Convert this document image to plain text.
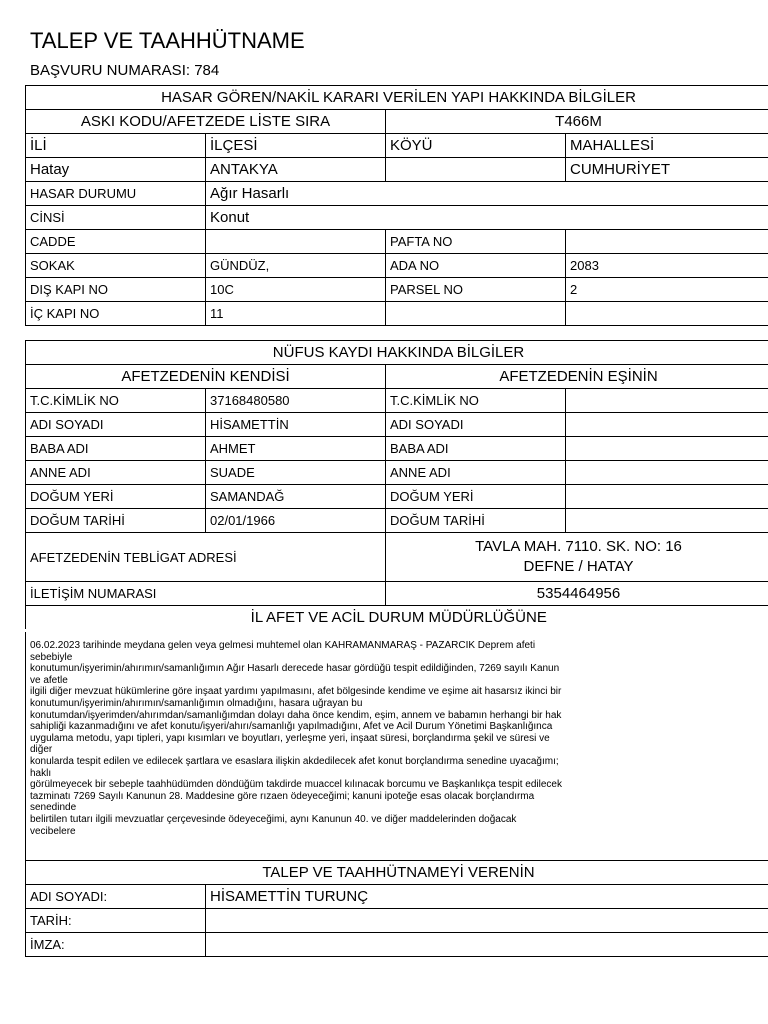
TALEP VE TAAHHÜTNAME
BAŞVURU NUMARASI: 784
HASAR GÖREN/NAKİL KARARI VERİLEN YAPI HAKKINDA BİLGİLER			
ASKI KODU/AFETZEDE LİSTE SIRA		T466M	
İLİ	İLÇESİ	KÖYÜ	MAHALLESİ
Hatay	ANTAKYA		CUMHURİYET
HASAR DURUMU	Ağır Hasarlı		
CİNSİ	Konut		
CADDE		PAFTA NO	
SOKAK	GÜNDÜZ,	ADA NO	2083
DIŞ KAPI NO	10C	PARSEL NO	2
İÇ KAPI NO	11		
NÜFUS KAYDI HAKKINDA BİLGİLER			
AFETZEDENİN KENDİSİ		AFETZEDENİN EŞİNİN	
T.C.KİMLİK NO	37168480580	T.C.KİMLİK NO	
ADI SOYADI	HİSAMETTİN	ADI SOYADI	
BABA ADI	AHMET	BABA ADI	
ANNE ADI	SUADE	ANNE ADI	
DOĞUM YERİ	SAMANDAĞ	DOĞUM YERİ	
DOĞUM TARİHİ	02/01/1966	DOĞUM TARİHİ	
AFETZEDENİN TEBLİGAT ADRESİ		TAVLA MAH. 7110. SK. NO: 16
DEFNE / HATAY	

İLETİŞİM NUMARASI		5354464956	
İL AFET VE ACİL DURUM MÜDÜRLÜĞÜNE			
06.02.2023 tarihinde meydana gelen veya gelmesi muhtemel olan KAHRAMANMARAŞ - PAZARCIK Deprem afeti
sebebiyle
konutumun/işyerimin/ahırımın/samanlığımın Ağır Hasarlı derecede hasar gördüğü tespit edildiğinden, 7269 sayılı Kanun
ve afetle
ilgili diğer mevzuat hükümlerine göre inşaat yardımı yapılmasını, afet bölgesinde kendime ve eşime ait hasarsız ikinci bir
konutumun/işyerimin/ahırımın/samanlığımın olmadığını, hasara uğrayan bu
konutumdan/işyerimden/ahırımdan/samanlığımdan dolayı daha önce kendim, eşim, annem ve babamın herhangi bir hak
sahipliği kazanmadığını ve afet konutu/işyeri/ahırı/samanlığı yapılmadığını, Afet ve Acil Durum Yönetimi Başkanlığınca
uygulama metodu, yapı tipleri, yapı kısımları ve boyutları, yerleşme yeri, inşaat süresi, borçlandırma şekil ve süresi ve
diğer
konularda tespit edilen ve edilecek şartlara ve esaslara ilişkin akdedilecek afet konut borçlandırma senedine uyacağımı;
haklı
görülmeyecek bir sebeple taahhüdümden döndüğüm takdirde muaccel kılınacak borcumu ve Başkanlıkça tespit edilecek
tazminatı 7269 Sayılı Kanunun 28. Maddesine göre rızaen ödeyeceğimi; kanuni ipoteğe esas olacak borçlandırma
senedinde
belirtilen tutarı ilgili mevzuatlar çerçevesinde ödeyeceğimi, aynı Kanunun 40. ve diğer maddelerinden doğacak
vecibelere
TALEP VE TAAHHÜTNAMEYİ VERENİN	
ADI SOYADI:	HİSAMETTİN TURUNÇ
TARİH:	
İMZA:	
